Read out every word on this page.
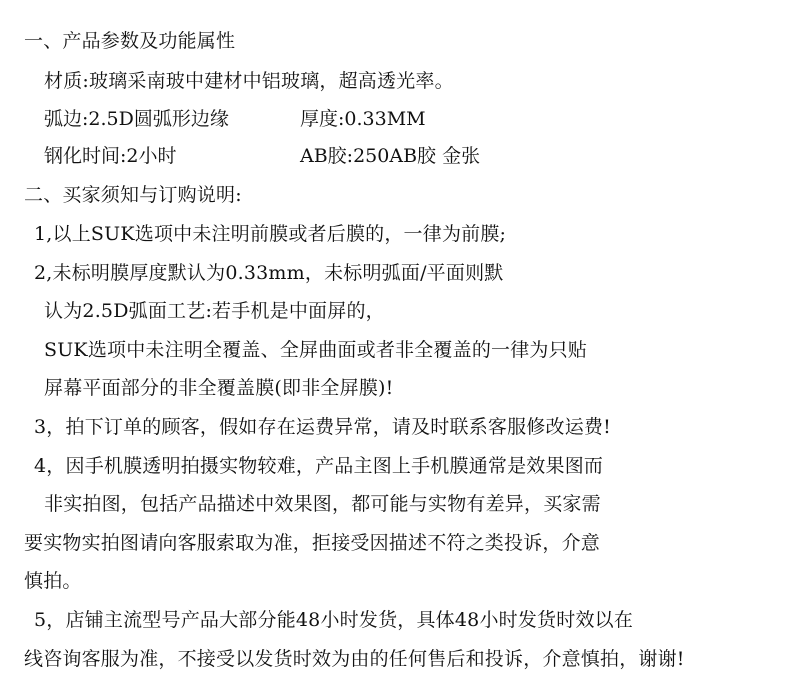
一、产品参数及功能属性
材质:玻璃采南玻中建材中铝玻璃，超高透光率。
弧边:2.5D圆弧形边缘	厚度:0.33MM
钢化时间:2小时	AB胶:250AB胶 金张
二、买家须知与订购说明:
1,以上SUK选项中未注明前膜或者后膜的，一律为前膜;
2,未标明膜厚度默认为0.33mm，未标明弧面/平面则默
认为2.5D弧面工艺:若手机是中面屏的，
SUK选项中未注明全覆盖、全屏曲面或者非全覆盖的一律为只贴
屏幕平面部分的非全覆盖膜(即非全屏膜)!
3，拍下订单的顾客，假如存在运费异常，请及时联系客服修改运费!
4，因手机膜透明拍摄实物较难，产品主图上手机膜通常是效果图而
非实拍图，包括产品描述中效果图，都可能与实物有差异，买家需
要实物实拍图请向客服索取为准，拒接受因描述不符之类投诉，介意
慎拍。
5，店铺主流型号产品大部分能48小时发货，具体48小时发货时效以在
线咨询客服为准，不接受以发货时效为由的任何售后和投诉，介意慎拍，谢谢!
